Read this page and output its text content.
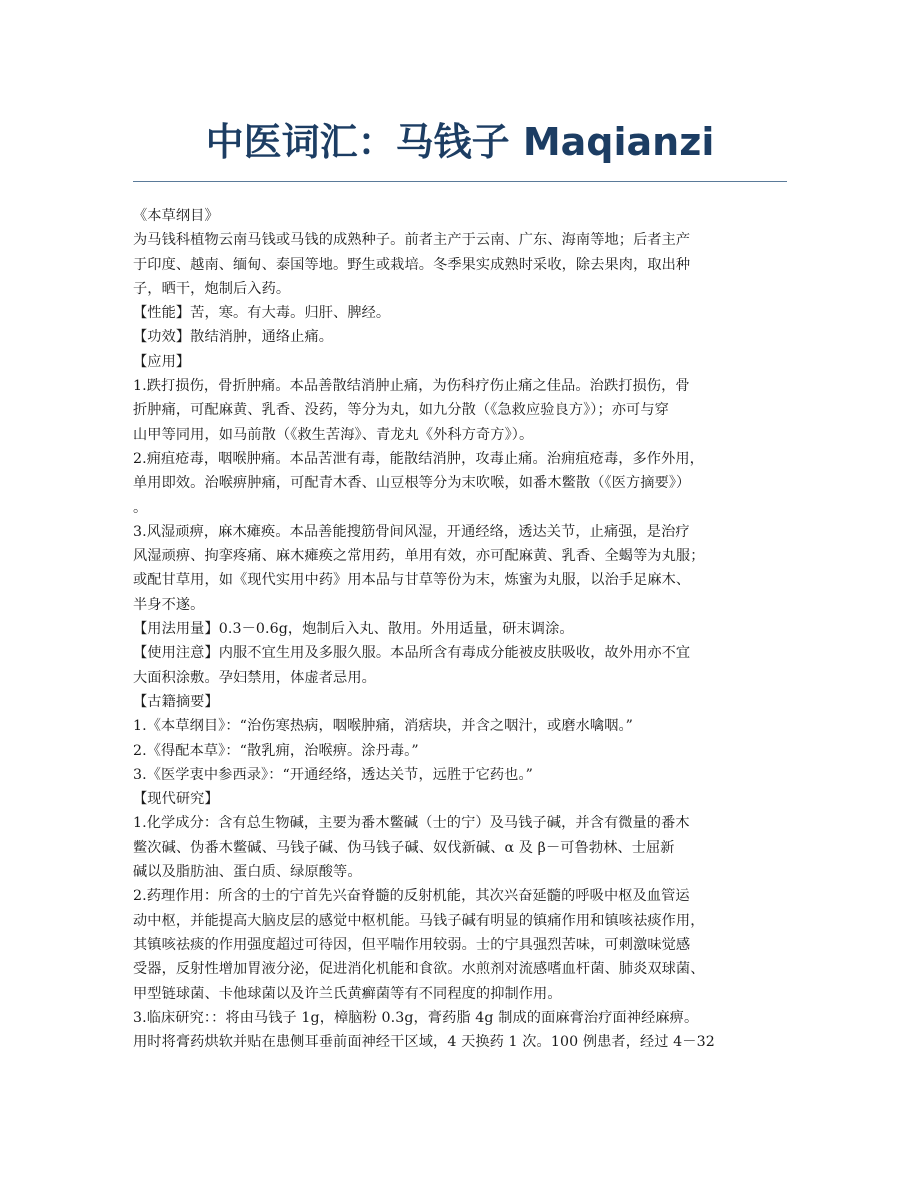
中医词汇：马钱子 Maqianzi
《本草纲目》
为马钱科植物云南马钱或马钱的成熟种子。前者主产于云南、广东、海南等地；后者主产
于印度、越南、缅甸、泰国等地。野生或栽培。冬季果实成熟时采收，除去果肉，取出种
子，晒干，炮制后入药。
【性能】苦，寒。有大毒。归肝、脾经。
【功效】散结消肿，通络止痛。
【应用】
1.跌打损伤，骨折肿痛。本品善散结消肿止痛，为伤科疗伤止痛之佳品。治跌打损伤，骨
折肿痛，可配麻黄、乳香、没药，等分为丸，如九分散（《急救应验良方》）；亦可与穿
山甲等同用，如马前散（《救生苦海》、青龙丸《外科方奇方》）。
2.痈疽疮毒，咽喉肿痛。本品苦泄有毒，能散结消肿，攻毒止痛。治痈疽疮毒，多作外用，
单用即效。治喉痹肿痛，可配青木香、山豆根等分为末吹喉，如番木鳖散（《医方摘要》）
。
3.风湿顽痹，麻木瘫痪。本品善能搜筋骨间风湿，开通经络，透达关节，止痛强，是治疗
风湿顽痹、拘挛疼痛、麻木瘫痪之常用药，单用有效，亦可配麻黄、乳香、全蝎等为丸服；
或配甘草用，如《现代实用中药》用本品与甘草等份为末，炼蜜为丸服，以治手足麻木、
半身不遂。
【用法用量】0.3－0.6g，炮制后入丸、散用。外用适量，研末调涂。
【使用注意】内服不宜生用及多服久服。本品所含有毒成分能被皮肤吸收，故外用亦不宜
大面积涂敷。孕妇禁用，体虚者忌用。
【古籍摘要】
1.《本草纲目》：“治伤寒热病，咽喉肿痛，消痞块，并含之咽汁，或磨水噙咽。”
2.《得配本草》：“散乳痈，治喉痹。涂丹毒。”
3.《医学衷中参西录》：“开通经络，透达关节，远胜于它药也。”
【现代研究】
1.化学成分：含有总生物碱，主要为番木鳖碱（士的宁）及马钱子碱，并含有微量的番木
鳖次碱、伪番木鳖碱、马钱子碱、伪马钱子碱、奴伐新碱、α 及 β－可鲁勃林、士屈新
碱以及脂肪油、蛋白质、绿原酸等。
2.药理作用：所含的士的宁首先兴奋脊髓的反射机能，其次兴奋延髓的呼吸中枢及血管运
动中枢，并能提高大脑皮层的感觉中枢机能。马钱子碱有明显的镇痛作用和镇咳祛痰作用，
其镇咳祛痰的作用强度超过可待因，但平喘作用较弱。士的宁具强烈苦味，可刺激味觉感
受器，反射性增加胃液分泌，促进消化机能和食欲。水煎剂对流感嗜血杆菌、肺炎双球菌、
甲型链球菌、卡他球菌以及许兰氏黄癣菌等有不同程度的抑制作用。
3.临床研究：：将由马钱子 1g，樟脑粉 0.3g，膏药脂 4g 制成的面麻膏治疗面神经麻痹。
用时将膏药烘软并贴在患侧耳垂前面神经干区域，4 天换药 1 次。100 例患者，经过 4－32
